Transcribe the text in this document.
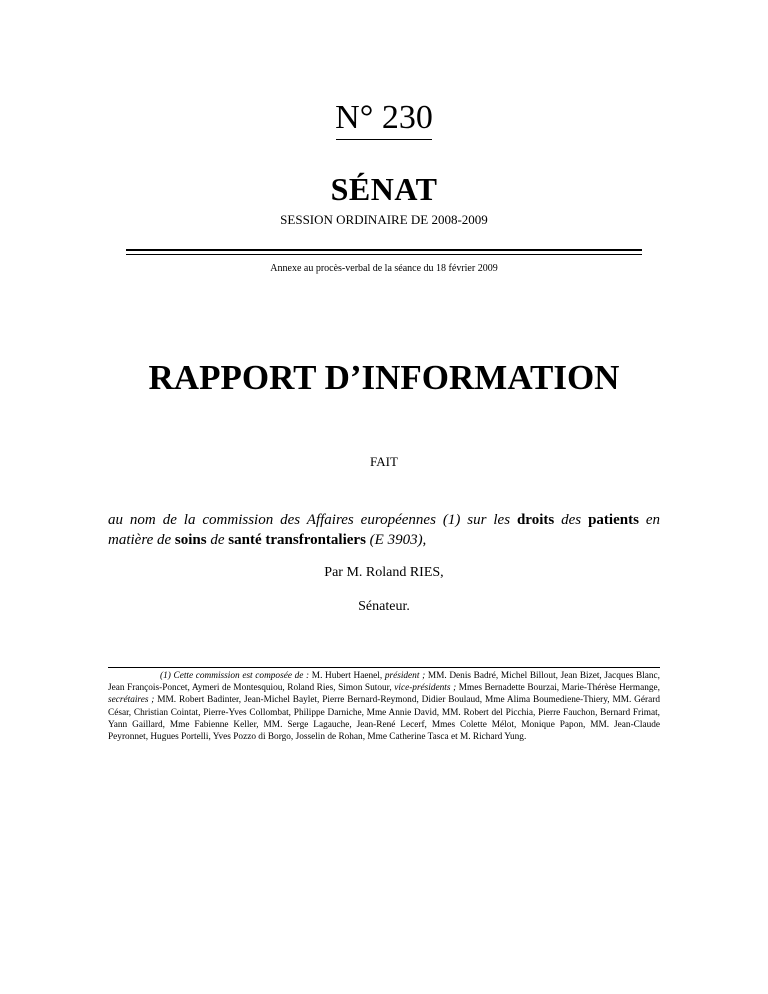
N° 230
SÉNAT
SESSION ORDINAIRE DE 2008-2009
Annexe au procès-verbal de la séance du 18 février 2009
RAPPORT D’INFORMATION
FAIT
au nom de la commission des Affaires européennes (1) sur les droits des patients en matière de soins de santé transfrontaliers (E 3903),
Par M. Roland RIES,
Sénateur.
(1) Cette commission est composée de : M. Hubert Haenel, président ; MM. Denis Badré, Michel Billout, Jean Bizet, Jacques Blanc, Jean François-Poncet, Aymeri de Montesquiou, Roland Ries, Simon Sutour, vice-présidents ; Mmes Bernadette Bourzai, Marie-Thérèse Hermange, secrétaires ; MM. Robert Badinter, Jean-Michel Baylet, Pierre Bernard-Reymond, Didier Boulaud, Mme Alima Boumediene-Thiery, MM. Gérard César, Christian Cointat, Pierre-Yves Collombat, Philippe Darniche, Mme Annie David, MM. Robert del Picchia, Pierre Fauchon, Bernard Frimat, Yann Gaillard, Mme Fabienne Keller, MM. Serge Lagauche, Jean-René Lecerf, Mmes Colette Mélot, Monique Papon, MM. Jean-Claude Peyronnet, Hugues Portelli, Yves Pozzo di Borgo, Josselin de Rohan, Mme Catherine Tasca et M. Richard Yung.
